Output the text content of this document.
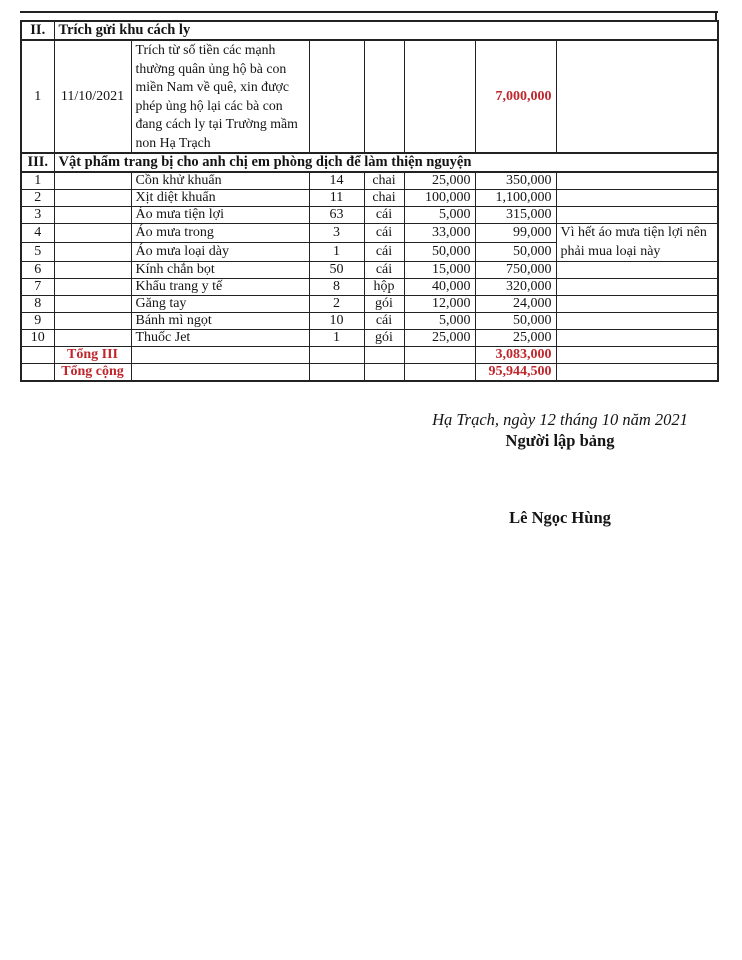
II.	Trích gửi khu cách ly						
1	11/10/2021	Trích từ số tiền các mạnh thường quân ủng hộ bà con miền Nam về quê, xin được phép ủng hộ lại các bà con đang cách ly tại Trường mầm non Hạ Trạch				7,000,000	
III.	Vật phẩm trang bị cho anh chị em phòng dịch để làm thiện nguyện						
1		Cồn khử khuẩn	14	chai	25,000	350,000	
2		Xịt diệt khuẩn	11	chai	100,000	1,100,000	
3		Áo mưa tiện lợi	63	cái	5,000	315,000	
4		Áo mưa trong	3	cái	33,000	99,000	Vì hết áo mưa tiện lợi nên phải mua loại này
5		Áo mưa loại dày	1	cái	50,000	50,000	
6		Kính chắn bọt	50	cái	15,000	750,000	
7		Khẩu trang y tế	8	hộp	40,000	320,000	
8		Găng tay	2	gói	12,000	24,000	
9		Bánh mì ngọt	10	cái	5,000	50,000	
10		Thuốc Jet	1	gói	25,000	25,000	
	Tổng III					3,083,000	
	Tổng cộng					95,944,500	
Hạ Trạch, ngày 12 tháng 10 năm 2021
Người lập bảng
Lê Ngọc Hùng
